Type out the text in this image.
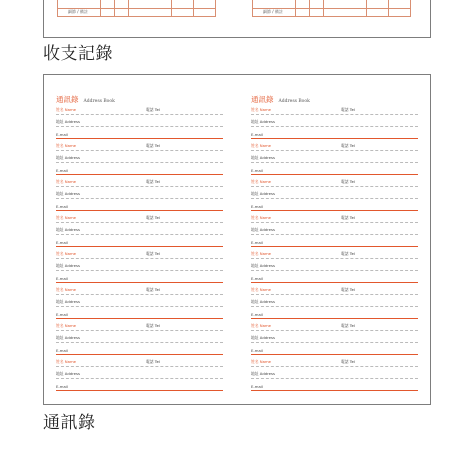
細節 / 備註	細節 / 備註
收支記錄
通訊錄 Address Book
姓名 Name	電話 Tel
地址 Address
E-mail
姓名 Name	電話 Tel
地址 Address
E-mail
姓名 Name	電話 Tel
地址 Address
E-mail
姓名 Name	電話 Tel
地址 Address
E-mail
姓名 Name	電話 Tel
地址 Address
E-mail
姓名 Name	電話 Tel
地址 Address
E-mail
姓名 Name	電話 Tel
地址 Address
E-mail
姓名 Name	電話 Tel
地址 Address
E-mail
通訊錄 Address Book
姓名 Name	電話 Tel
地址 Address
E-mail
姓名 Name	電話 Tel
地址 Address
E-mail
姓名 Name	電話 Tel
地址 Address
E-mail
姓名 Name	電話 Tel
地址 Address
E-mail
姓名 Name	電話 Tel
地址 Address
E-mail
姓名 Name	電話 Tel
地址 Address
E-mail
姓名 Name	電話 Tel
地址 Address
E-mail
姓名 Name	電話 Tel
地址 Address
E-mail
通訊錄
